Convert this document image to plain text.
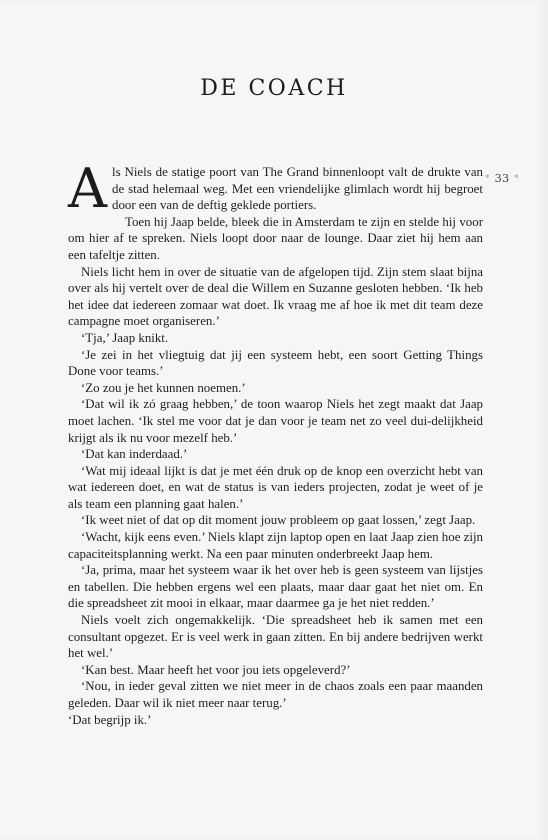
DE COACH
* 33 *

Als Niels de statige poort van The Grand binnenloopt valt de drukte van de stad helemaal weg. Met een vriendelijke glimlach wordt hij begroet door een van de deftig geklede portiers.

Toen hij Jaap belde, bleek die in Amsterdam te zijn en stelde hij voor om hier af te spreken. Niels loopt door naar de lounge. Daar ziet hij hem aan een tafeltje zitten.

Niels licht hem in over de situatie van de afgelopen tijd. Zijn stem slaat bijna over als hij vertelt over de deal die Willem en Suzanne gesloten hebben. ‘Ik heb het idee dat iedereen zomaar wat doet. Ik vraag me af hoe ik met dit team deze campagne moet organiseren.’

‘Tja,’ Jaap knikt.

‘Je zei in het vliegtuig dat jij een systeem hebt, een soort Getting Things Done voor teams.’

‘Zo zou je het kunnen noemen.’

‘Dat wil ik zó graag hebben,’ de toon waarop Niels het zegt maakt dat Jaap moet lachen. ‘Ik stel me voor dat je dan voor je team net zo veel dui-delijkheid krijgt als ik nu voor mezelf heb.’

‘Dat kan inderdaad.’

‘Wat mij ideaal lijkt is dat je met één druk op de knop een overzicht hebt van wat iedereen doet, en wat de status is van ieders projecten, zodat je weet of je als team een planning gaat halen.’

‘Ik weet niet of dat op dit moment jouw probleem op gaat lossen,’ zegt Jaap.

‘Wacht, kijk eens even.’ Niels klapt zijn laptop open en laat Jaap zien hoe zijn capaciteitsplanning werkt. Na een paar minuten onderbreekt Jaap hem.

‘Ja, prima, maar het systeem waar ik het over heb is geen systeem van lijstjes en tabellen. Die hebben ergens wel een plaats, maar daar gaat het niet om. En die spreadsheet zit mooi in elkaar, maar daarmee ga je het niet redden.’

Niels voelt zich ongemakkelijk. ‘Die spreadsheet heb ik samen met een consultant opgezet. Er is veel werk in gaan zitten. En bij andere bedrijven werkt het wel.’

‘Kan best. Maar heeft het voor jou iets opgeleverd?’

‘Nou, in ieder geval zitten we niet meer in de chaos zoals een paar maanden geleden. Daar wil ik niet meer naar terug.’

‘Dat begrijp ik.’
